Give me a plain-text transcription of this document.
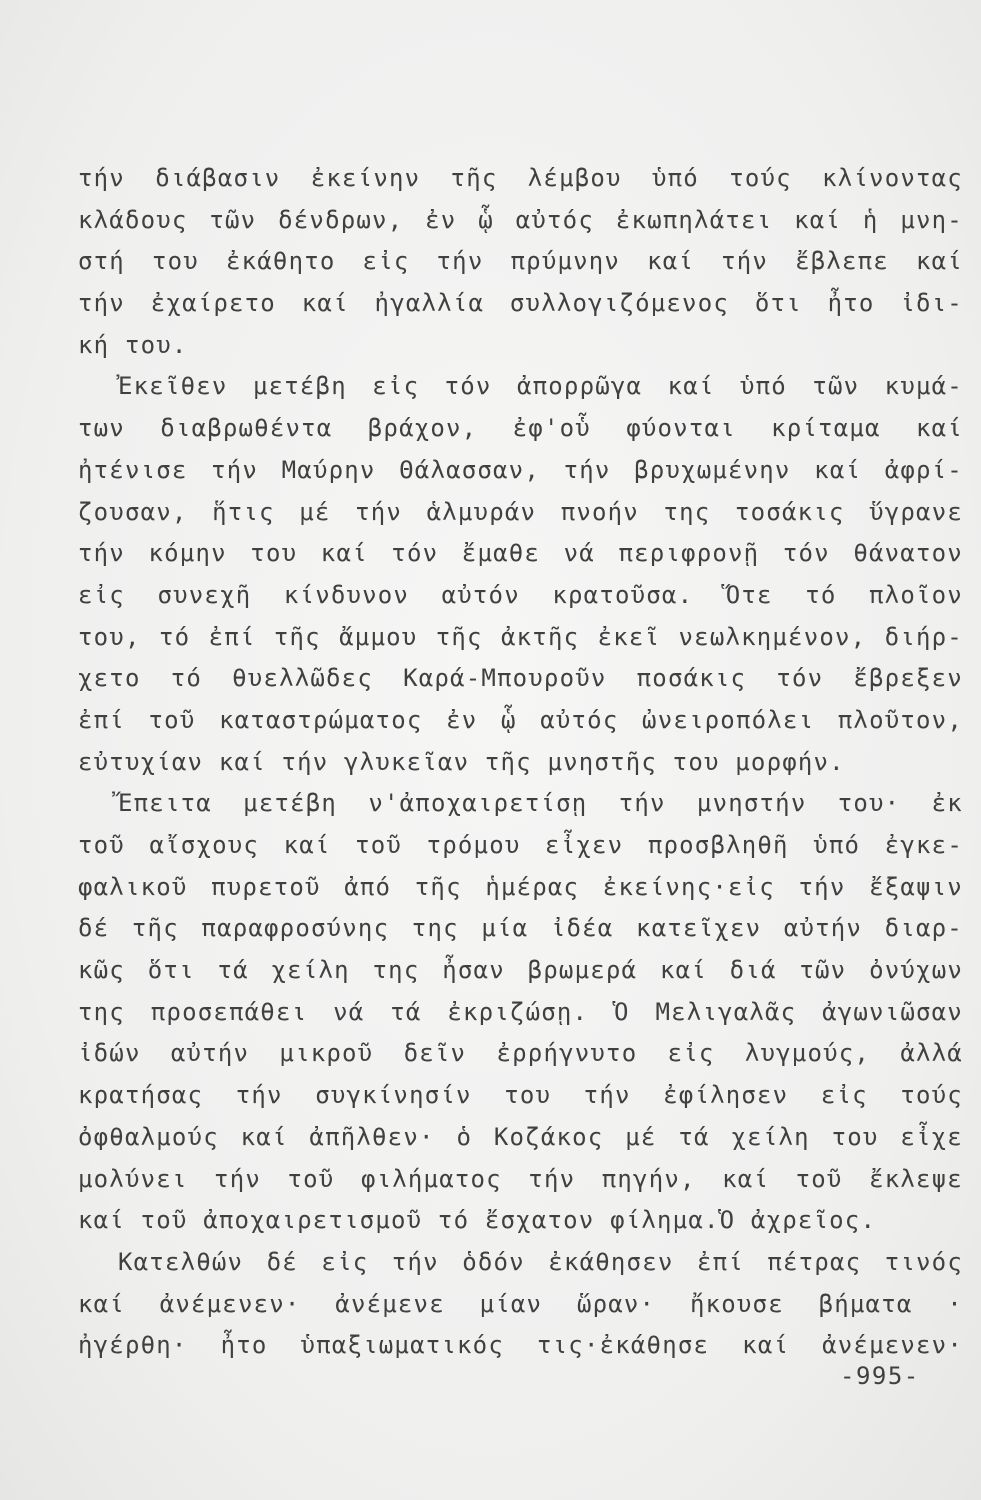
τήν διάβασιν ἐκείνην τῆς λέμβου ὑπό τούς κλίνοντας
κλάδους τῶν δένδρων, ἐν ᾧ αὐτός ἐκωπηλάτει καί ἡ μνη-
στή του ἐκάθητο εἰς τήν πρύμνην καί τήν ἔβλεπε καί
τήν ἐχαίρετο καί ἠγαλλία συλλογιζόμενος ὅτι ἦτο ἰδι-
κή του.
Ἐκεῖθεν μετέβη εἰς τόν ἀπορρῶγα καί ὑπό τῶν κυμά-
των διαβρωθέντα βράχον, ἐφ'οὗ φύονται κρίταμα καί
ἠτένισε τήν Μαύρην Θάλασσαν, τήν βρυχωμένην καί ἀφρί-
ζουσαν, ἥτις μέ τήν ἁλμυράν πνοήν της τοσάκις ὕγρανε
τήν κόμην του καί τόν ἔμαθε νά περιφρονῇ τόν θάνατον
εἰς συνεχῆ κίνδυνον αὐτόν κρατοῦσα. Ὅτε τό πλοῖον
του, τό ἐπί τῆς ἄμμου τῆς ἀκτῆς ἐκεῖ νεωλκημένον, διήρ-
χετο τό θυελλῶδες Καρά-Μπουροῦν ποσάκις τόν ἔβρεξεν
ἐπί τοῦ καταστρώματος ἐν ᾧ αὐτός ὠνειροπόλει πλοῦτον,
εὐτυχίαν καί τήν γλυκεῖαν τῆς μνηστῆς του μορφήν.
Ἔπειτα μετέβη ν'ἀποχαιρετίσῃ τήν μνηστήν του· ἐκ
τοῦ αἴσχους καί τοῦ τρόμου εἶχεν προσβληθῆ ὑπό ἐγκε-
φαλικοῦ πυρετοῦ ἀπό τῆς ἡμέρας ἐκείνης·εἰς τήν ἔξαψιν
δέ τῆς παραφροσύνης της μία ἰδέα κατεῖχεν αὐτήν διαρ-
κῶς ὅτι τά χείλη της ἦσαν βρωμερά καί διά τῶν ὀνύχων
της προσεπάθει νά τά ἐκριζώσῃ. Ὁ Μελιγαλᾶς ἀγωνιῶσαν
ἰδών αὐτήν μικροῦ δεῖν ἐρρήγνυτο εἰς λυγμούς, ἀλλά
κρατήσας τήν συγκίνησίν του τήν ἐφίλησεν εἰς τούς
ὀφθαλμούς καί ἀπῆλθεν· ὁ Κοζάκος μέ τά χείλη του εἶχε
μολύνει τήν τοῦ φιλήματος τήν πηγήν, καί τοῦ ἔκλεψε
καί τοῦ ἀποχαιρετισμοῦ τό ἔσχατον φίλημα.Ὁ ἀχρεῖος.
Κατελθών δέ εἰς τήν ὁδόν ἐκάθησεν ἐπί πέτρας τινός
καί ἀνέμενεν· ἀνέμενε μίαν ὥραν· ἤκουσε βήματα ·
ἠγέρθη· ἦτο ὑπαξιωματικός τις·ἐκάθησε καί ἀνέμενεν·
-995-
